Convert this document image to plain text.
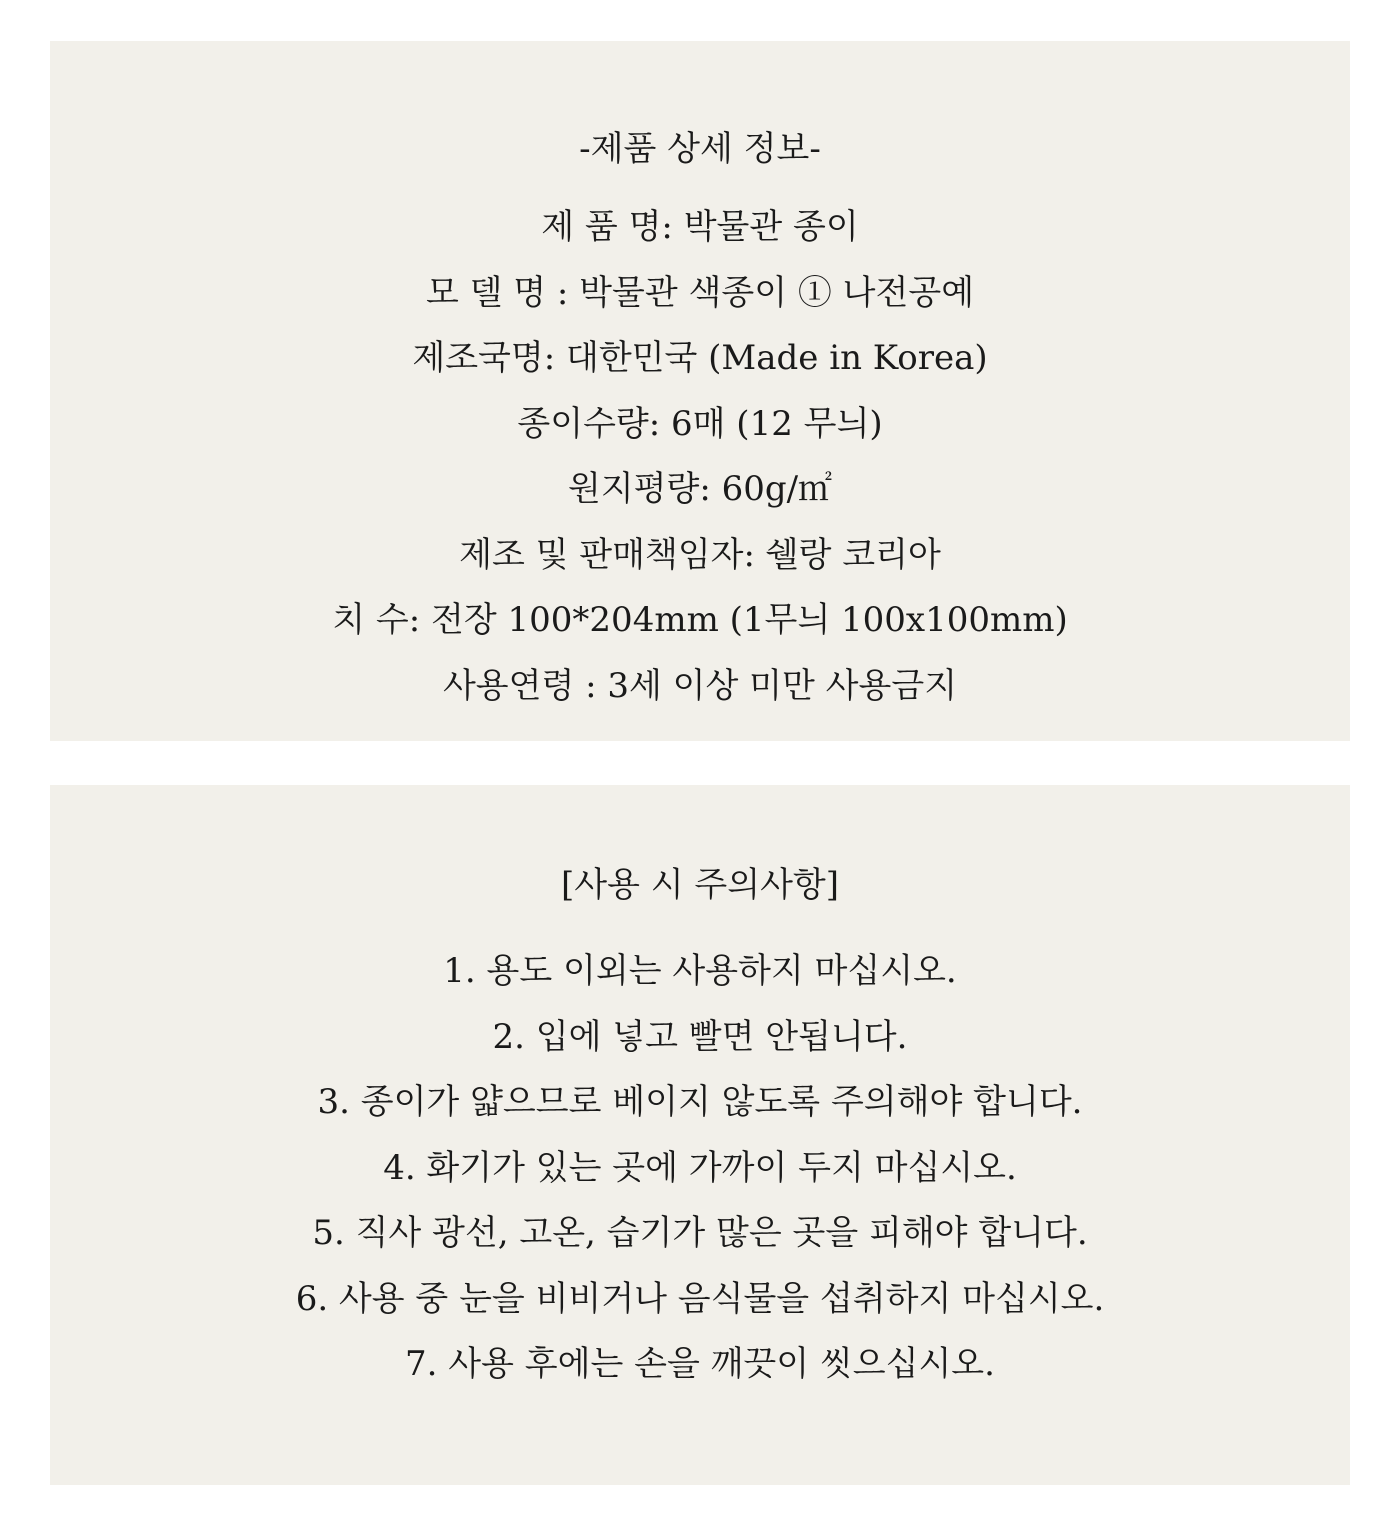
-제품 상세 정보-
제 품 명: 박물관 종이
모 델 명 : 박물관 색종이 ① 나전공예
제조국명: 대한민국 (Made in Korea)
종이수량: 6매 (12 무늬)
원지평량: 60g/㎡
제조 및 판매책임자: 쉘랑 코리아
치 수: 전장 100*204mm (1무늬 100x100mm)
사용연령 : 3세 이상 미만 사용금지
[사용 시 주의사항]
1. 용도 이외는 사용하지 마십시오.
2. 입에 넣고 빨면 안됩니다.
3. 종이가 얇으므로 베이지 않도록 주의해야 합니다.
4. 화기가 있는 곳에 가까이 두지 마십시오.
5. 직사 광선, 고온, 습기가 많은 곳을 피해야 합니다.
6. 사용 중 눈을 비비거나 음식물을 섭취하지 마십시오.
7. 사용 후에는 손을 깨끗이 씻으십시오.
